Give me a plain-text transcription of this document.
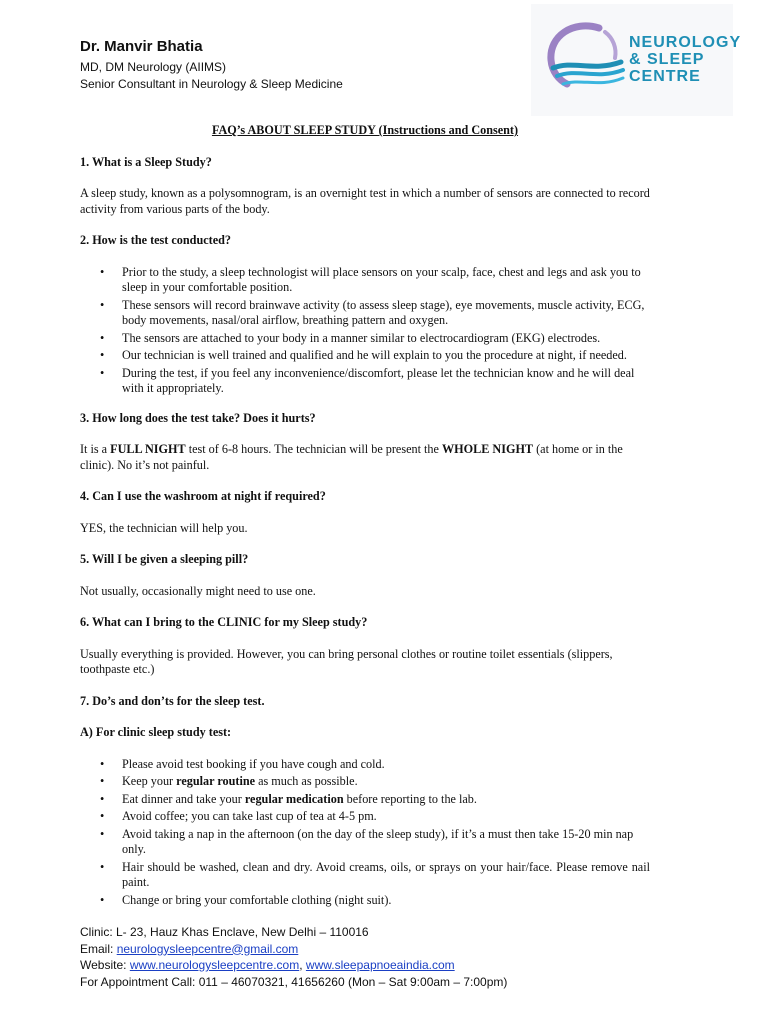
Dr. Manvir Bhatia

MD, DM Neurology (AIIMS)

Senior Consultant in Neurology & Sleep Medicine

NEUROLOGY
& SLEEP
CENTRE

FAQ’s ABOUT SLEEP STUDY (Instructions and Consent)

1. What is a Sleep Study?

A sleep study, known as a polysomnogram, is an overnight test in which a number of sensors are connected to record activity from various parts of the body.

2. How is the test conducted?

• Prior to the study, a sleep technologist will place sensors on your scalp, face, chest and legs and ask you to sleep in your comfortable position.
• These sensors will record brainwave activity (to assess sleep stage), eye movements, muscle activity, ECG, body movements, nasal/oral airflow, breathing pattern and oxygen.
• The sensors are attached to your body in a manner similar to electrocardiogram (EKG) electrodes.
• Our technician is well trained and qualified and he will explain to you the procedure at night, if needed.
• During the test, if you feel any inconvenience/discomfort, please let the technician know and he will deal with it appropriately.

3. How long does the test take? Does it hurts?

It is a FULL NIGHT test of 6-8 hours. The technician will be present the WHOLE NIGHT (at home or in the clinic). No it’s not painful.

4. Can I use the washroom at night if required?

YES, the technician will help you.

5. Will I be given a sleeping pill?

Not usually, occasionally might need to use one.

6. What can I bring to the CLINIC for my Sleep study?

Usually everything is provided. However, you can bring personal clothes or routine toilet essentials (slippers, toothpaste etc.)

7. Do’s and don’ts for the sleep test.

A) For clinic sleep study test:

• Please avoid test booking if you have cough and cold.
• Keep your regular routine as much as possible.
• Eat dinner and take your regular medication before reporting to the lab.
• Avoid coffee; you can take last cup of tea at 4-5 pm.
• Avoid taking a nap in the afternoon (on the day of the sleep study), if it’s a must then take 15-20 min nap only.
• Hair should be washed, clean and dry. Avoid creams, oils, or sprays on your hair/face. Please remove nail paint.
• Change or bring your comfortable clothing (night suit).

Clinic: L- 23, Hauz Khas Enclave, New Delhi – 110016

Email: neurologysleepcentre@gmail.com

Website: www.neurologysleepcentre.com, www.sleepapnoeaindia.com

For Appointment Call: 011 – 46070321, 41656260 (Mon – Sat 9:00am – 7:00pm)
